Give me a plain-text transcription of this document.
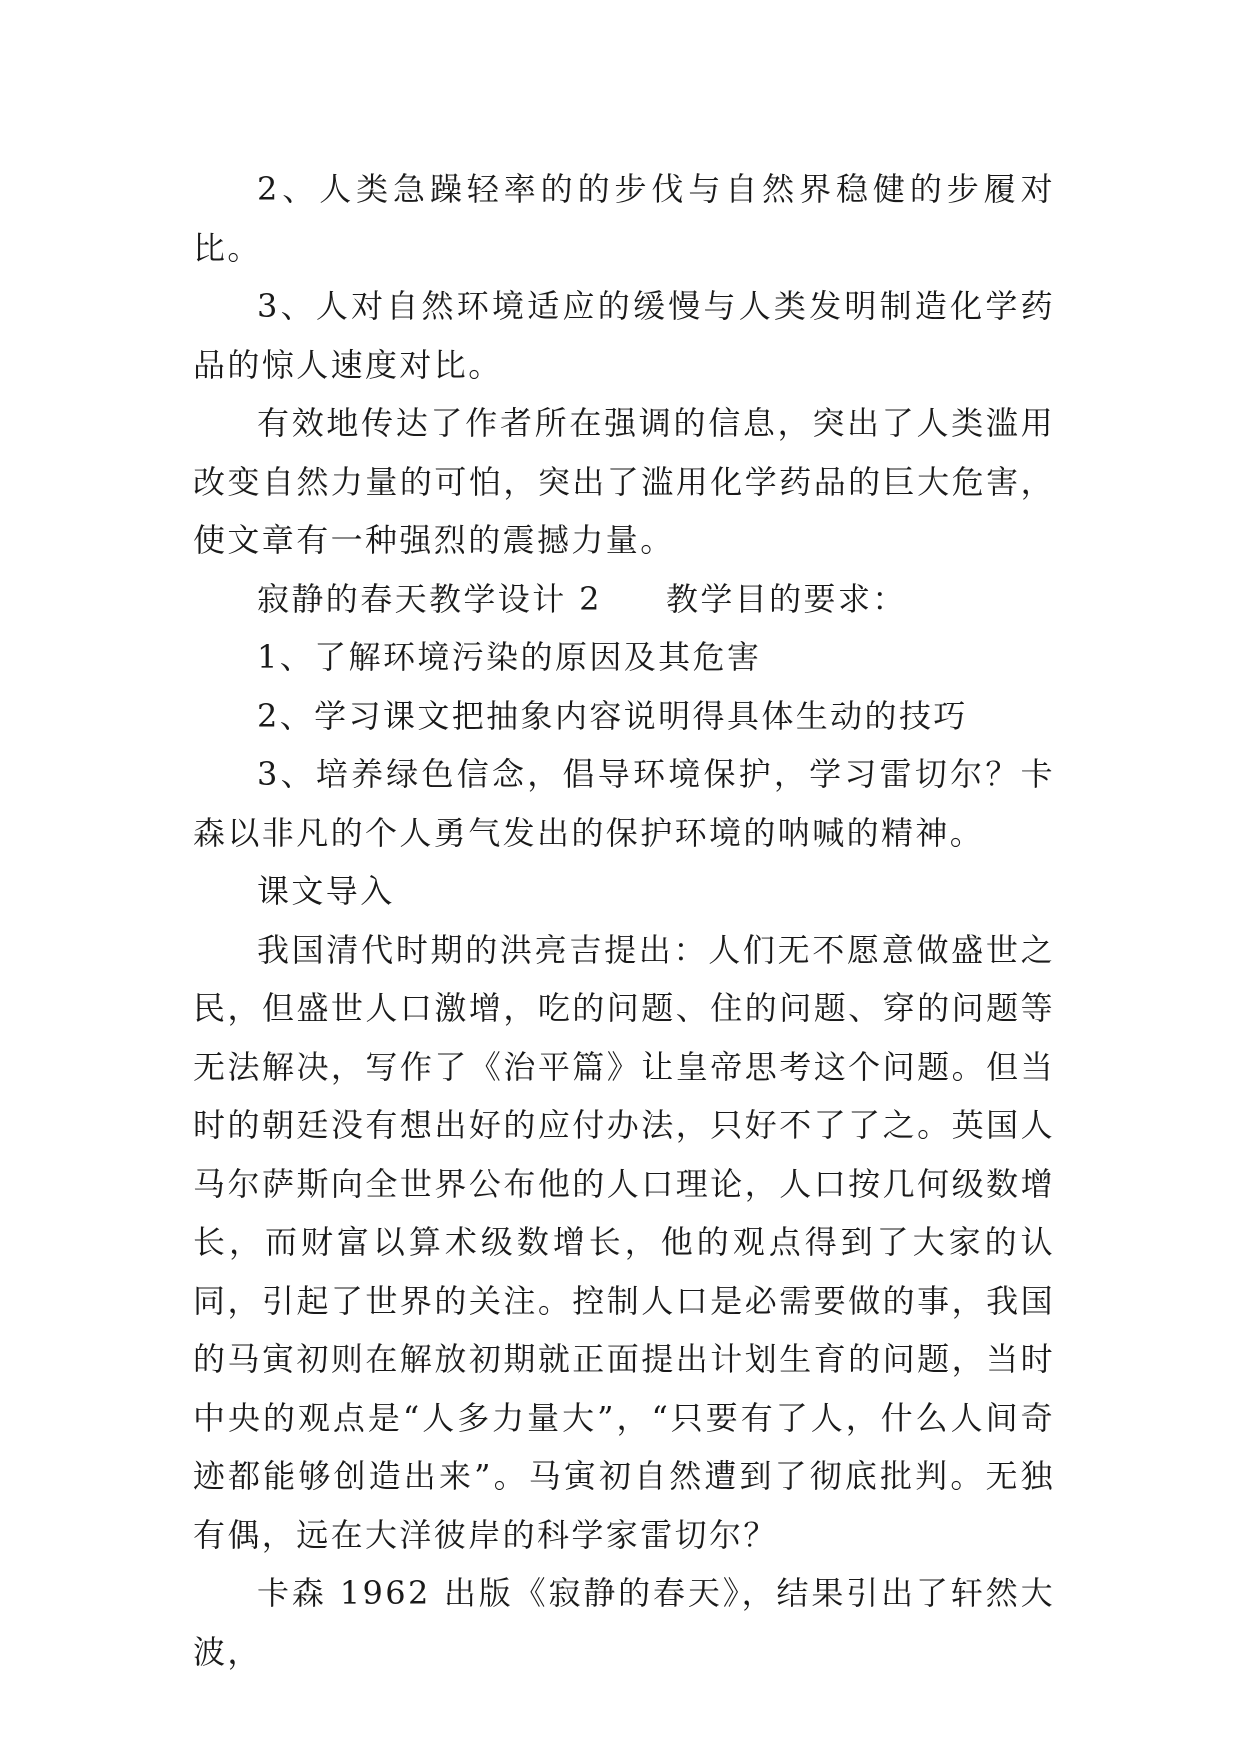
2、人类急躁轻率的的步伐与自然界稳健的步履对比。

3、人对自然环境适应的缓慢与人类发明制造化学药品的惊人速度对比。

有效地传达了作者所在强调的信息，突出了人类滥用改变自然力量的可怕，突出了滥用化学药品的巨大危害，使文章有一种强烈的震撼力量。

寂静的春天教学设计 2 教学目的要求：

1、了解环境污染的原因及其危害

2、学习课文把抽象内容说明得具体生动的技巧

3、培养绿色信念，倡导环境保护，学习雷切尔？卡森以非凡的个人勇气发出的保护环境的呐喊的精神。

课文导入

我国清代时期的洪亮吉提出：人们无不愿意做盛世之民，但盛世人口激增，吃的问题、住的问题、穿的问题等无法解决，写作了《治平篇》让皇帝思考这个问题。但当时的朝廷没有想出好的应付办法，只好不了了之。英国人马尔萨斯向全世界公布他的人口理论，人口按几何级数增长，而财富以算术级数增长，他的观点得到了大家的认同，引起了世界的关注。控制人口是必需要做的事，我国的马寅初则在解放初期就正面提出计划生育的问题，当时中央的观点是“人多力量大”，“只要有了人，什么人间奇迹都能够创造出来”。马寅初自然遭到了彻底批判。无独有偶，远在大洋彼岸的科学家雷切尔？

卡森 1962 出版《寂静的春天》，结果引出了轩然大波，
